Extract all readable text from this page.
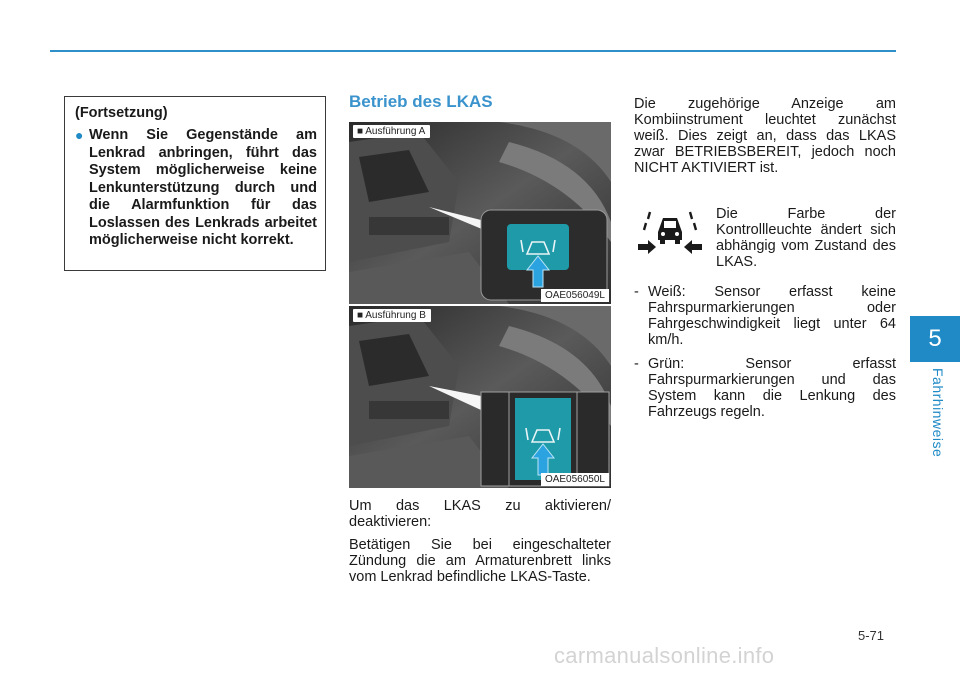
5
Fahrhinweise
(Fortsetzung)
● Wenn Sie Gegenstände am Lenkrad anbringen, führt das System möglicherweise keine Lenkunterstützung durch und die Alarmfunktion für das Loslassen des Lenkrads arbeitet möglicherweise nicht korrekt.
Betrieb des LKAS
■ Ausführung A
OAE056049L
■ Ausführung B
OAE056050L
Um das LKAS zu aktivieren/ deaktivieren:
Betätigen Sie bei eingeschalteter Zündung die am Armaturenbrett links vom Lenkrad befindliche LKAS-Taste.
Die zugehörige Anzeige am Kombiinstrument leuchtet zunächst weiß. Dies zeigt an, dass das LKAS zwar BETRIEBSBEREIT, jedoch noch NICHT AKTIVIERT ist.
Die Farbe der Kontrollleuchte ändert sich abhängig vom Zustand des LKAS.
- Weiß: Sensor erfasst keine Fahrspurmarkierungen oder Fahrgeschwindigkeit liegt unter 64 km/h.
- Grün: Sensor erfasst Fahrspurmarkierungen und das System kann die Lenkung des Fahrzeugs regeln.
5-71
carmanualsonline.info
